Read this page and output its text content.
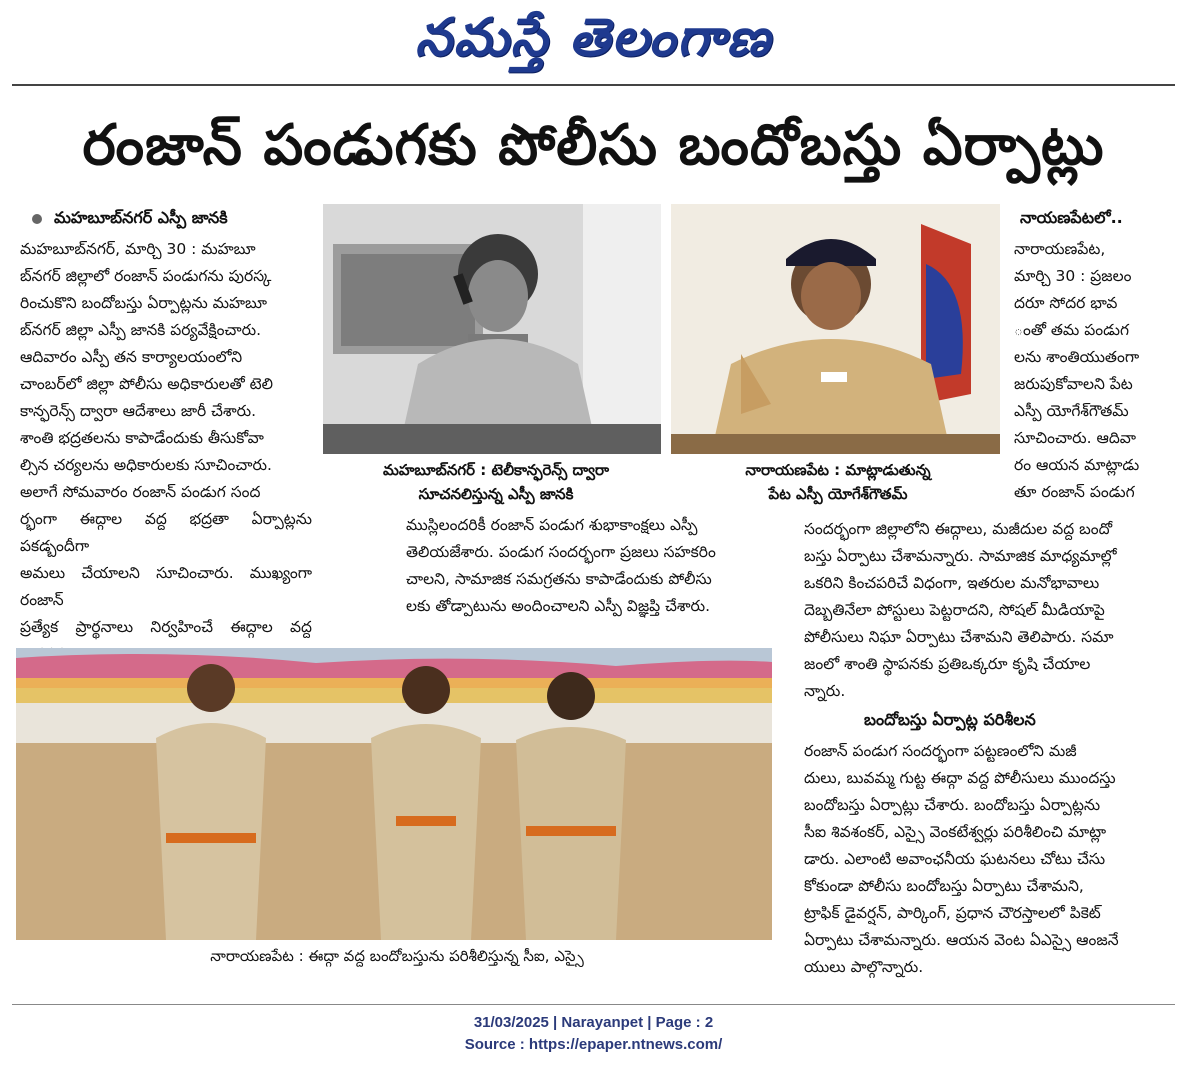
నమస్తే తెలంగాణ
రంజాన్ పండుగకు పోలీసు బందోబస్తు ఏర్పాట్లు
మహబూబ్‌నగర్ ఎస్పీ జానకి

మహబూబ్‌నగర్, మార్చి 30 : మహబూ

బ్‌నగర్ జిల్లాలో రంజాన్ పండుగను పురస్క

రించుకొని బందోబస్తు ఏర్పాట్లను మహబూ

బ్‌నగర్ జిల్లా ఎస్పీ జానకి పర్యవేక్షించారు.

ఆదివారం ఎస్పీ తన కార్యాలయంలోని

చాంబర్‌లో జిల్లా పోలీసు అధికారులతో టెలి

కాన్ఫరెన్స్ ద్వారా ఆదేశాలు జారీ చేశారు.

శాంతి భద్రతలను కాపాడేందుకు తీసుకోవా

ల్సిన చర్యలను అధికారులకు సూచించారు.

అలాగే సోమవారం రంజాన్ పండుగ సంద

ర్భంగా ఈద్గాల వద్ద భద్రతా ఏర్పాట్లను పకడ్బందీగా

అమలు చేయాలని సూచించారు. ముఖ్యంగా రంజాన్

ప్రత్యేక ప్రార్థనాలు నిర్వహించే ఈద్గాల వద్ద

మహబూబ్‌నగర్ : టెలీకాన్ఫరెన్స్ ద్వారా
సూచనలిస్తున్న ఎస్పీ జానకి
నారాయణపేట : మాట్లాడుతున్న
పేట ఎస్పీ యోగేశ్‌గౌతమ్

ముస్లిలందరికీ రంజాన్ పండుగ శుభాకాంక్షలు ఎస్పీ

తెలియజేశారు. పండుగ సందర్భంగా ప్రజలు సహకరిం

చాలని, సామాజిక సమగ్రతను కాపాడేందుకు పోలీసు

లకు తోడ్పాటును అందించాలని ఎస్పీ విజ్ఞప్తి చేశారు.

నాయణపేటలో..

నారాయణపేట,

మార్చి 30 : ప్రజలం

దరూ సోదర భావ

ంతో తమ పండుగ

లను శాంతియుతంగా

జరుపుకోవాలని పేట

ఎస్పీ యోగేశ్‌గౌతమ్

సూచించారు. ఆదివా

రం ఆయన మాట్లాడు

తూ రంజాన్ పండుగ

సందర్భంగా జిల్లాలోని ఈద్గాలు, మజీదుల వద్ద బందో

బస్తు ఏర్పాటు చేశామన్నారు. సామాజిక మాధ్యమాల్లో

ఒకరిని కించపరిచే విధంగా, ఇతరుల మనోభావాలు

దెబ్బతినేలా పోస్టులు పెట్టరాదని, సోషల్ మీడియాపై

పోలీసులు నిఘా ఏర్పాటు చేశామని తెలిపారు. సమా

జంలో శాంతి స్థాపనకు ప్రతిఒక్కరూ కృషి చేయాల

న్నారు.

బందోబస్తు ఏర్పాట్ల పరిశీలన

రంజాన్ పండుగ సందర్భంగా పట్టణంలోని మజీ

దులు, బువమ్మ గుట్ట ఈద్గా వద్ద పోలీసులు ముందస్తు

బందోబస్తు ఏర్పాట్లు చేశారు. బందోబస్తు ఏర్పాట్లను

సీఐ శివశంకర్, ఎస్సై వెంకటేశ్వర్లు పరిశీలించి మాట్లా

డారు. ఎలాంటి అవాంఛనీయ ఘటనలు చోటు చేసు

కోకుండా పోలీసు బందోబస్తు ఏర్పాటు చేశామని,

ట్రాఫిక్ డైవర్షన్, పార్కింగ్, ప్రధాన చౌరస్తాలలో పికెట్

ఏర్పాటు చేశామన్నారు. ఆయన వెంట ఏఎస్సై ఆంజనే

యులు పాల్గొన్నారు.

నారాయణపేట : ఈద్గా వద్ద బందోబస్తును పరిశీలిస్తున్న సీఐ, ఎస్సై
31/03/2025 | Narayanpet | Page : 2
Source : https://epaper.ntnews.com/
